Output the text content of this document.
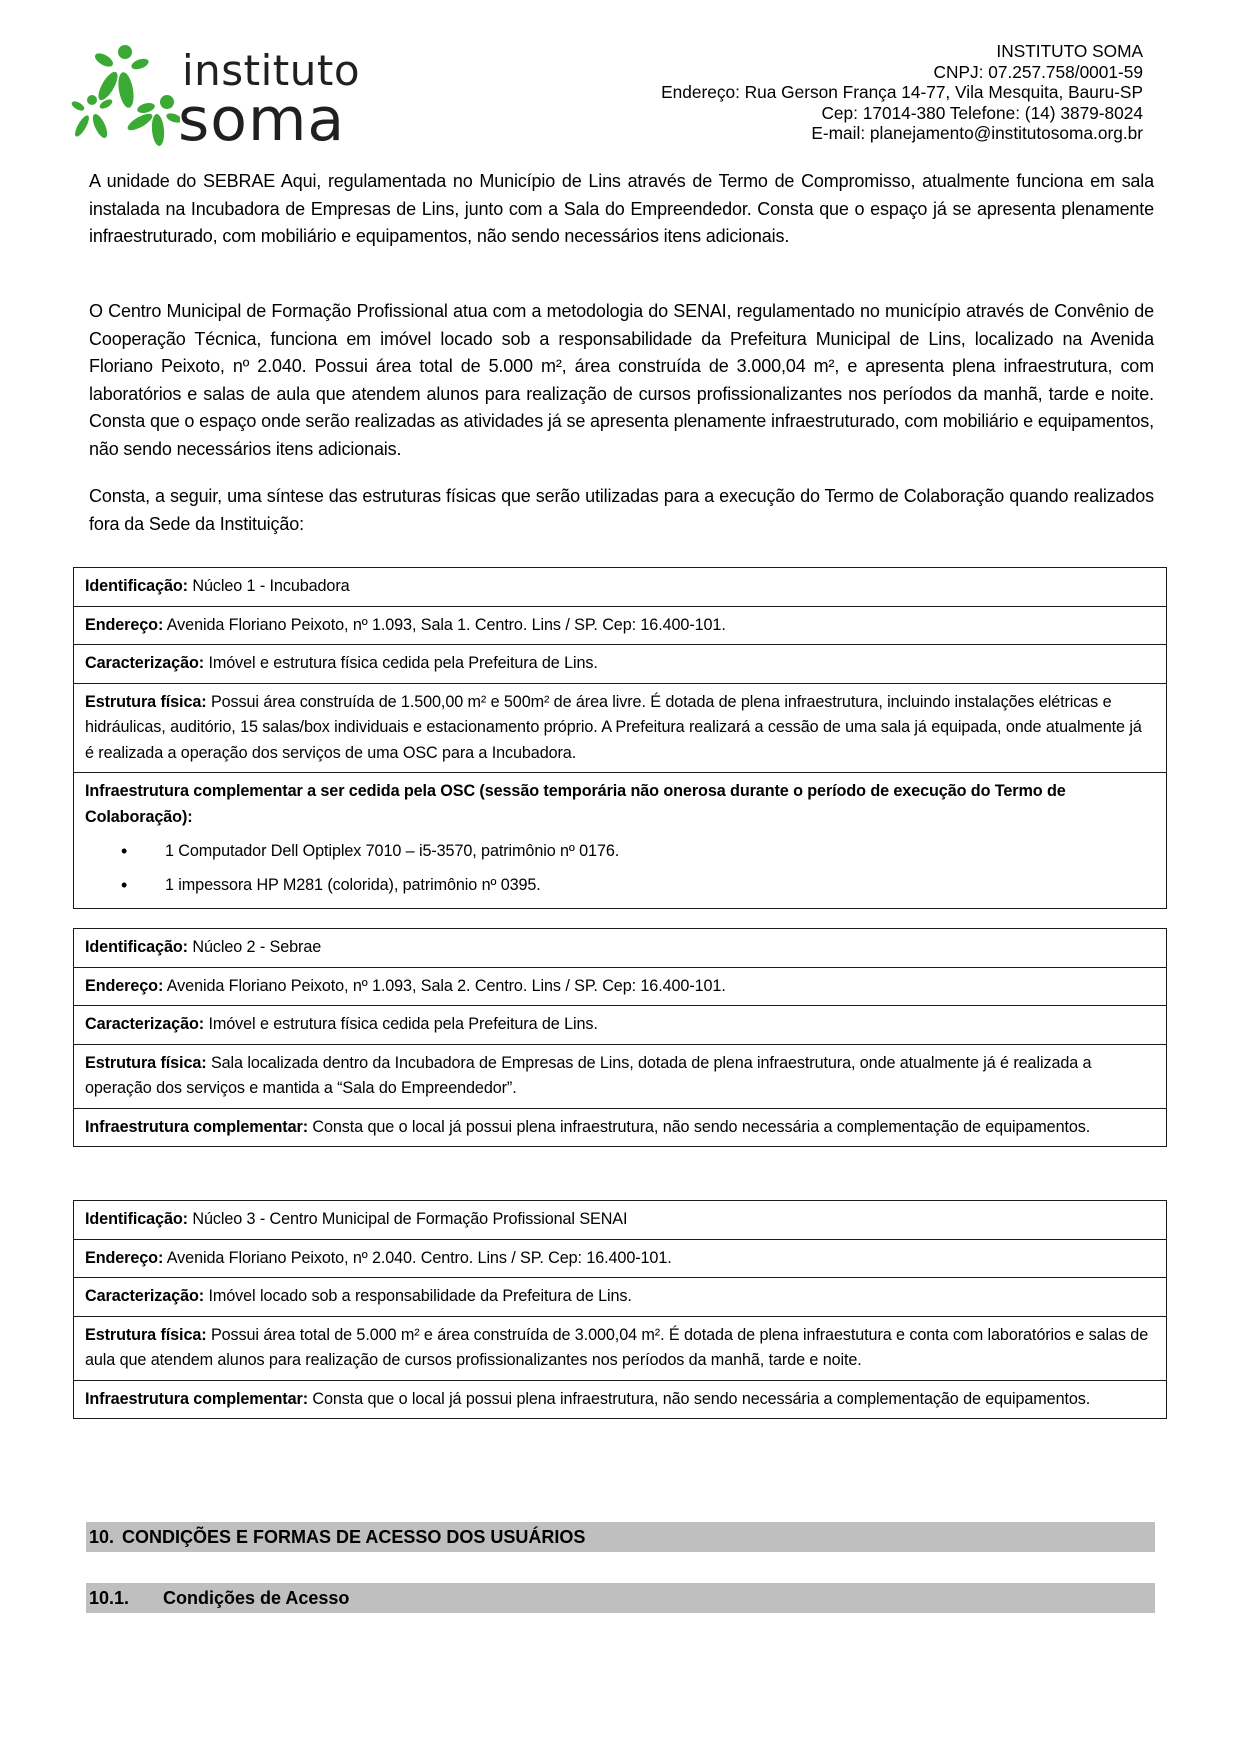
instituto
soma
INSTITUTO SOMA
CNPJ: 07.257.758/0001-59
Endereço: Rua Gerson França 14-77, Vila Mesquita, Bauru-SP
Cep: 17014-380 Telefone: (14) 3879-8024
E-mail: planejamento@institutosoma.org.br

A unidade do SEBRAE Aqui, regulamentada no Município de Lins através de Termo de Compromisso, atualmente funciona em sala instalada na Incubadora de Empresas de Lins, junto com a Sala do Empreendedor. Consta que o espaço já se apresenta plenamente infraestruturado, com mobiliário e equipamentos, não sendo necessários itens adicionais.

O Centro Municipal de Formação Profissional atua com a metodologia do SENAI, regulamentado no município através de Convênio de Cooperação Técnica, funciona em imóvel locado sob a responsabilidade da Prefeitura Municipal de Lins, localizado na Avenida Floriano Peixoto, nº 2.040. Possui área total de 5.000 m², área construída de 3.000,04 m², e apresenta plena infraestrutura, com laboratórios e salas de aula que atendem alunos para realização de cursos profissionalizantes nos períodos da manhã, tarde e noite. Consta que o espaço onde serão realizadas as atividades já se apresenta plenamente infraestruturado, com mobiliário e equipamentos, não sendo necessários itens adicionais.

Consta, a seguir, uma síntese das estruturas físicas que serão utilizadas para a execução do Termo de Colaboração quando realizados fora da Sede da Instituição:

Identificação: Núcleo 1 - Incubadora
Endereço: Avenida Floriano Peixoto, nº 1.093, Sala 1. Centro. Lins / SP. Cep: 16.400-101.
Caracterização: Imóvel e estrutura física cedida pela Prefeitura de Lins.
Estrutura física: Possui área construída de 1.500,00 m² e 500m² de área livre. É dotada de plena infraestrutura, incluindo instalações elétricas e hidráulicas, auditório, 15 salas/box individuais e estacionamento próprio. A Prefeitura realizará a cessão de uma sala já equipada, onde atualmente já é realizada a operação dos serviços de uma OSC para a Incubadora.
Infraestrutura complementar a ser cedida pela OSC (sessão temporária não onerosa durante o período de execução do Termo de Colaboração):
• 1 Computador Dell Optiplex 7010 – i5-3570, patrimônio nº 0176.
• 1 impessora HP M281 (colorida), patrimônio nº 0395.
Identificação: Núcleo 2 - Sebrae
Endereço: Avenida Floriano Peixoto, nº 1.093, Sala 2. Centro. Lins / SP. Cep: 16.400-101.
Caracterização: Imóvel e estrutura física cedida pela Prefeitura de Lins.
Estrutura física: Sala localizada dentro da Incubadora de Empresas de Lins, dotada de plena infraestrutura, onde atualmente já é realizada a operação dos serviços e mantida a “Sala do Empreendedor”.
Infraestrutura complementar: Consta que o local já possui plena infraestrutura, não sendo necessária a complementação de equipamentos.
Identificação: Núcleo 3 - Centro Municipal de Formação Profissional SENAI
Endereço: Avenida Floriano Peixoto, nº 2.040. Centro. Lins / SP. Cep: 16.400-101.
Caracterização: Imóvel locado sob a responsabilidade da Prefeitura de Lins.
Estrutura física: Possui área total de 5.000 m² e área construída de 3.000,04 m². É dotada de plena infraestutura e conta com laboratórios e salas de aula que atendem alunos para realização de cursos profissionalizantes nos períodos da manhã, tarde e noite.
Infraestrutura complementar: Consta que o local já possui plena infraestrutura, não sendo necessária a complementação de equipamentos.
10. CONDIÇÕES E FORMAS DE ACESSO DOS USUÁRIOS
10.1. Condições de Acesso
